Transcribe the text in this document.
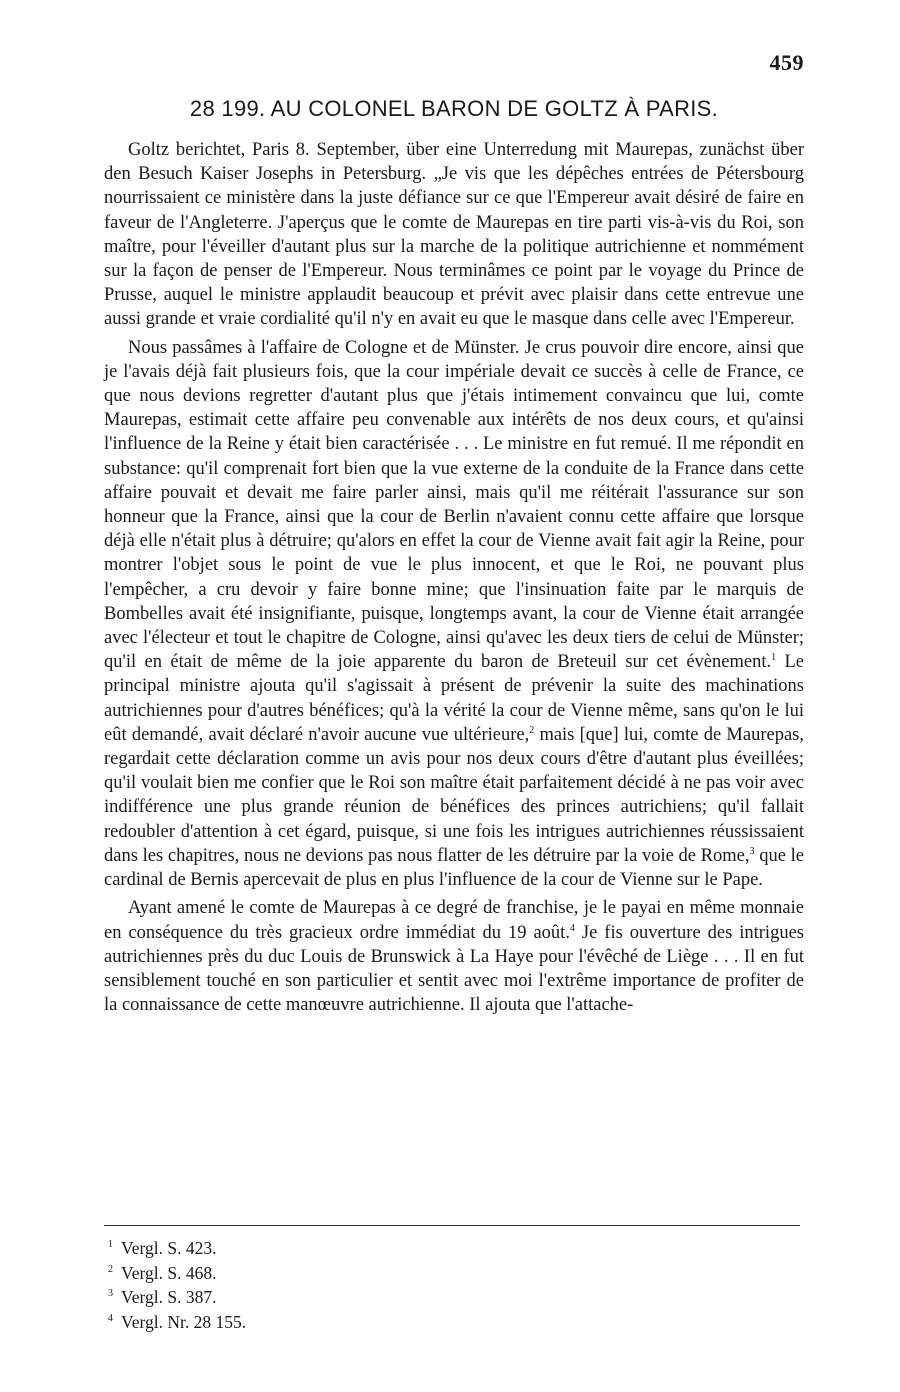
459
28 199. AU COLONEL BARON DE GOLTZ À PARIS.

Goltz berichtet, Paris 8. September, über eine Unterredung mit Maurepas, zunächst über den Besuch Kaiser Josephs in Petersburg. „Je vis que les dépêches entrées de Pétersbourg nourrissaient ce ministère dans la juste défiance sur ce que l'Empereur avait désiré de faire en faveur de l'Angleterre. J'aperçus que le comte de Maurepas en tire parti vis-à-vis du Roi, son maître, pour l'éveiller d'autant plus sur la marche de la politique autrichienne et nommément sur la façon de penser de l'Empereur. Nous terminâmes ce point par le voyage du Prince de Prusse, auquel le ministre applaudit beaucoup et prévit avec plaisir dans cette entrevue une aussi grande et vraie cordialité qu'il n'y en avait eu que le masque dans celle avec l'Empereur.

Nous passâmes à l'affaire de Cologne et de Münster. Je crus pouvoir dire encore, ainsi que je l'avais déjà fait plusieurs fois, que la cour impériale devait ce succès à celle de France, ce que nous devions regretter d'autant plus que j'étais intimement convaincu que lui, comte Maurepas, estimait cette affaire peu convenable aux intérêts de nos deux cours, et qu'ainsi l'influence de la Reine y était bien caractérisée . . . Le ministre en fut remué. Il me répondit en substance: qu'il comprenait fort bien que la vue externe de la conduite de la France dans cette affaire pouvait et devait me faire parler ainsi, mais qu'il me réitérait l'assurance sur son honneur que la France, ainsi que la cour de Berlin n'avaient connu cette affaire que lorsque déjà elle n'était plus à détruire; qu'alors en effet la cour de Vienne avait fait agir la Reine, pour montrer l'objet sous le point de vue le plus innocent, et que le Roi, ne pouvant plus l'empêcher, a cru devoir y faire bonne mine; que l'insinuation faite par le marquis de Bombelles avait été insignifiante, puisque, longtemps avant, la cour de Vienne était arrangée avec l'électeur et tout le chapitre de Cologne, ainsi qu'avec les deux tiers de celui de Münster; qu'il en était de même de la joie apparente du baron de Breteuil sur cet évènement.$^1$ Le principal ministre ajouta qu'il s'agissait à présent de prévenir la suite des machinations autrichiennes pour d'autres bénéfices; qu'à la vérité la cour de Vienne même, sans qu'on le lui eût demandé, avait déclaré n'avoir aucune vue ultérieure,$^2$ mais [que] lui, comte de Maurepas, regardait cette déclaration comme un avis pour nos deux cours d'être d'autant plus éveillées; qu'il voulait bien me confier que le Roi son maître était parfaitement décidé à ne pas voir avec indifférence une plus grande réunion de bénéfices des princes autrichiens; qu'il fallait redoubler d'attention à cet égard, puisque, si une fois les intrigues autrichiennes réussissaient dans les chapitres, nous ne devions pas nous flatter de les détruire par la voie de Rome,$^3$ que le cardinal de Bernis apercevait de plus en plus l'influence de la cour de Vienne sur le Pape.

Ayant amené le comte de Maurepas à ce degré de franchise, je le payai en même monnaie en conséquence du très gracieux ordre immédiat du 19 août.$^4$ Je fis ouverture des intrigues autrichiennes près du duc Louis de Brunswick à La Haye pour l'évêché de Liège . . . Il en fut sensiblement touché en son particulier et sentit avec moi l'extrême importance de profiter de la connaissance de cette manœuvre autrichienne. Il ajouta que l'attache-

$^1$ Vergl. S. 423.
$^2$ Vergl. S. 468.
$^3$ Vergl. S. 387.
$^4$ Vergl. Nr. 28 155.
